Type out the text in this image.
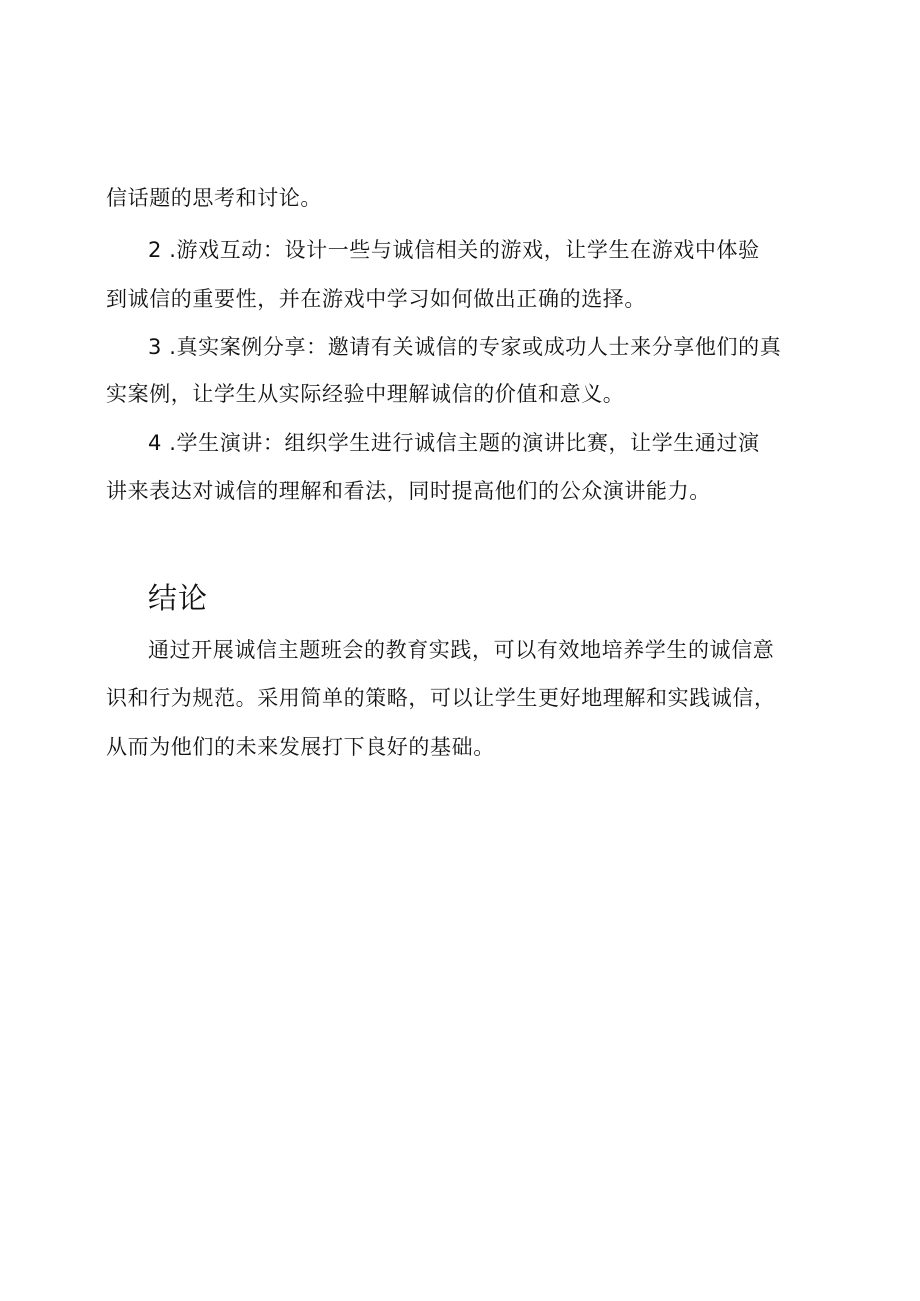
信话题的思考和讨论。
2 .游戏互动：设计一些与诚信相关的游戏，让学生在游戏中体验
到诚信的重要性，并在游戏中学习如何做出正确的选择。
3 .真实案例分享：邀请有关诚信的专家或成功人士来分享他们的真
实案例，让学生从实际经验中理解诚信的价值和意义。
4 .学生演讲：组织学生进行诚信主题的演讲比赛，让学生通过演
讲来表达对诚信的理解和看法，同时提高他们的公众演讲能力。
结论
通过开展诚信主题班会的教育实践，可以有效地培养学生的诚信意
识和行为规范。采用简单的策略，可以让学生更好地理解和实践诚信，
从而为他们的未来发展打下良好的基础。
